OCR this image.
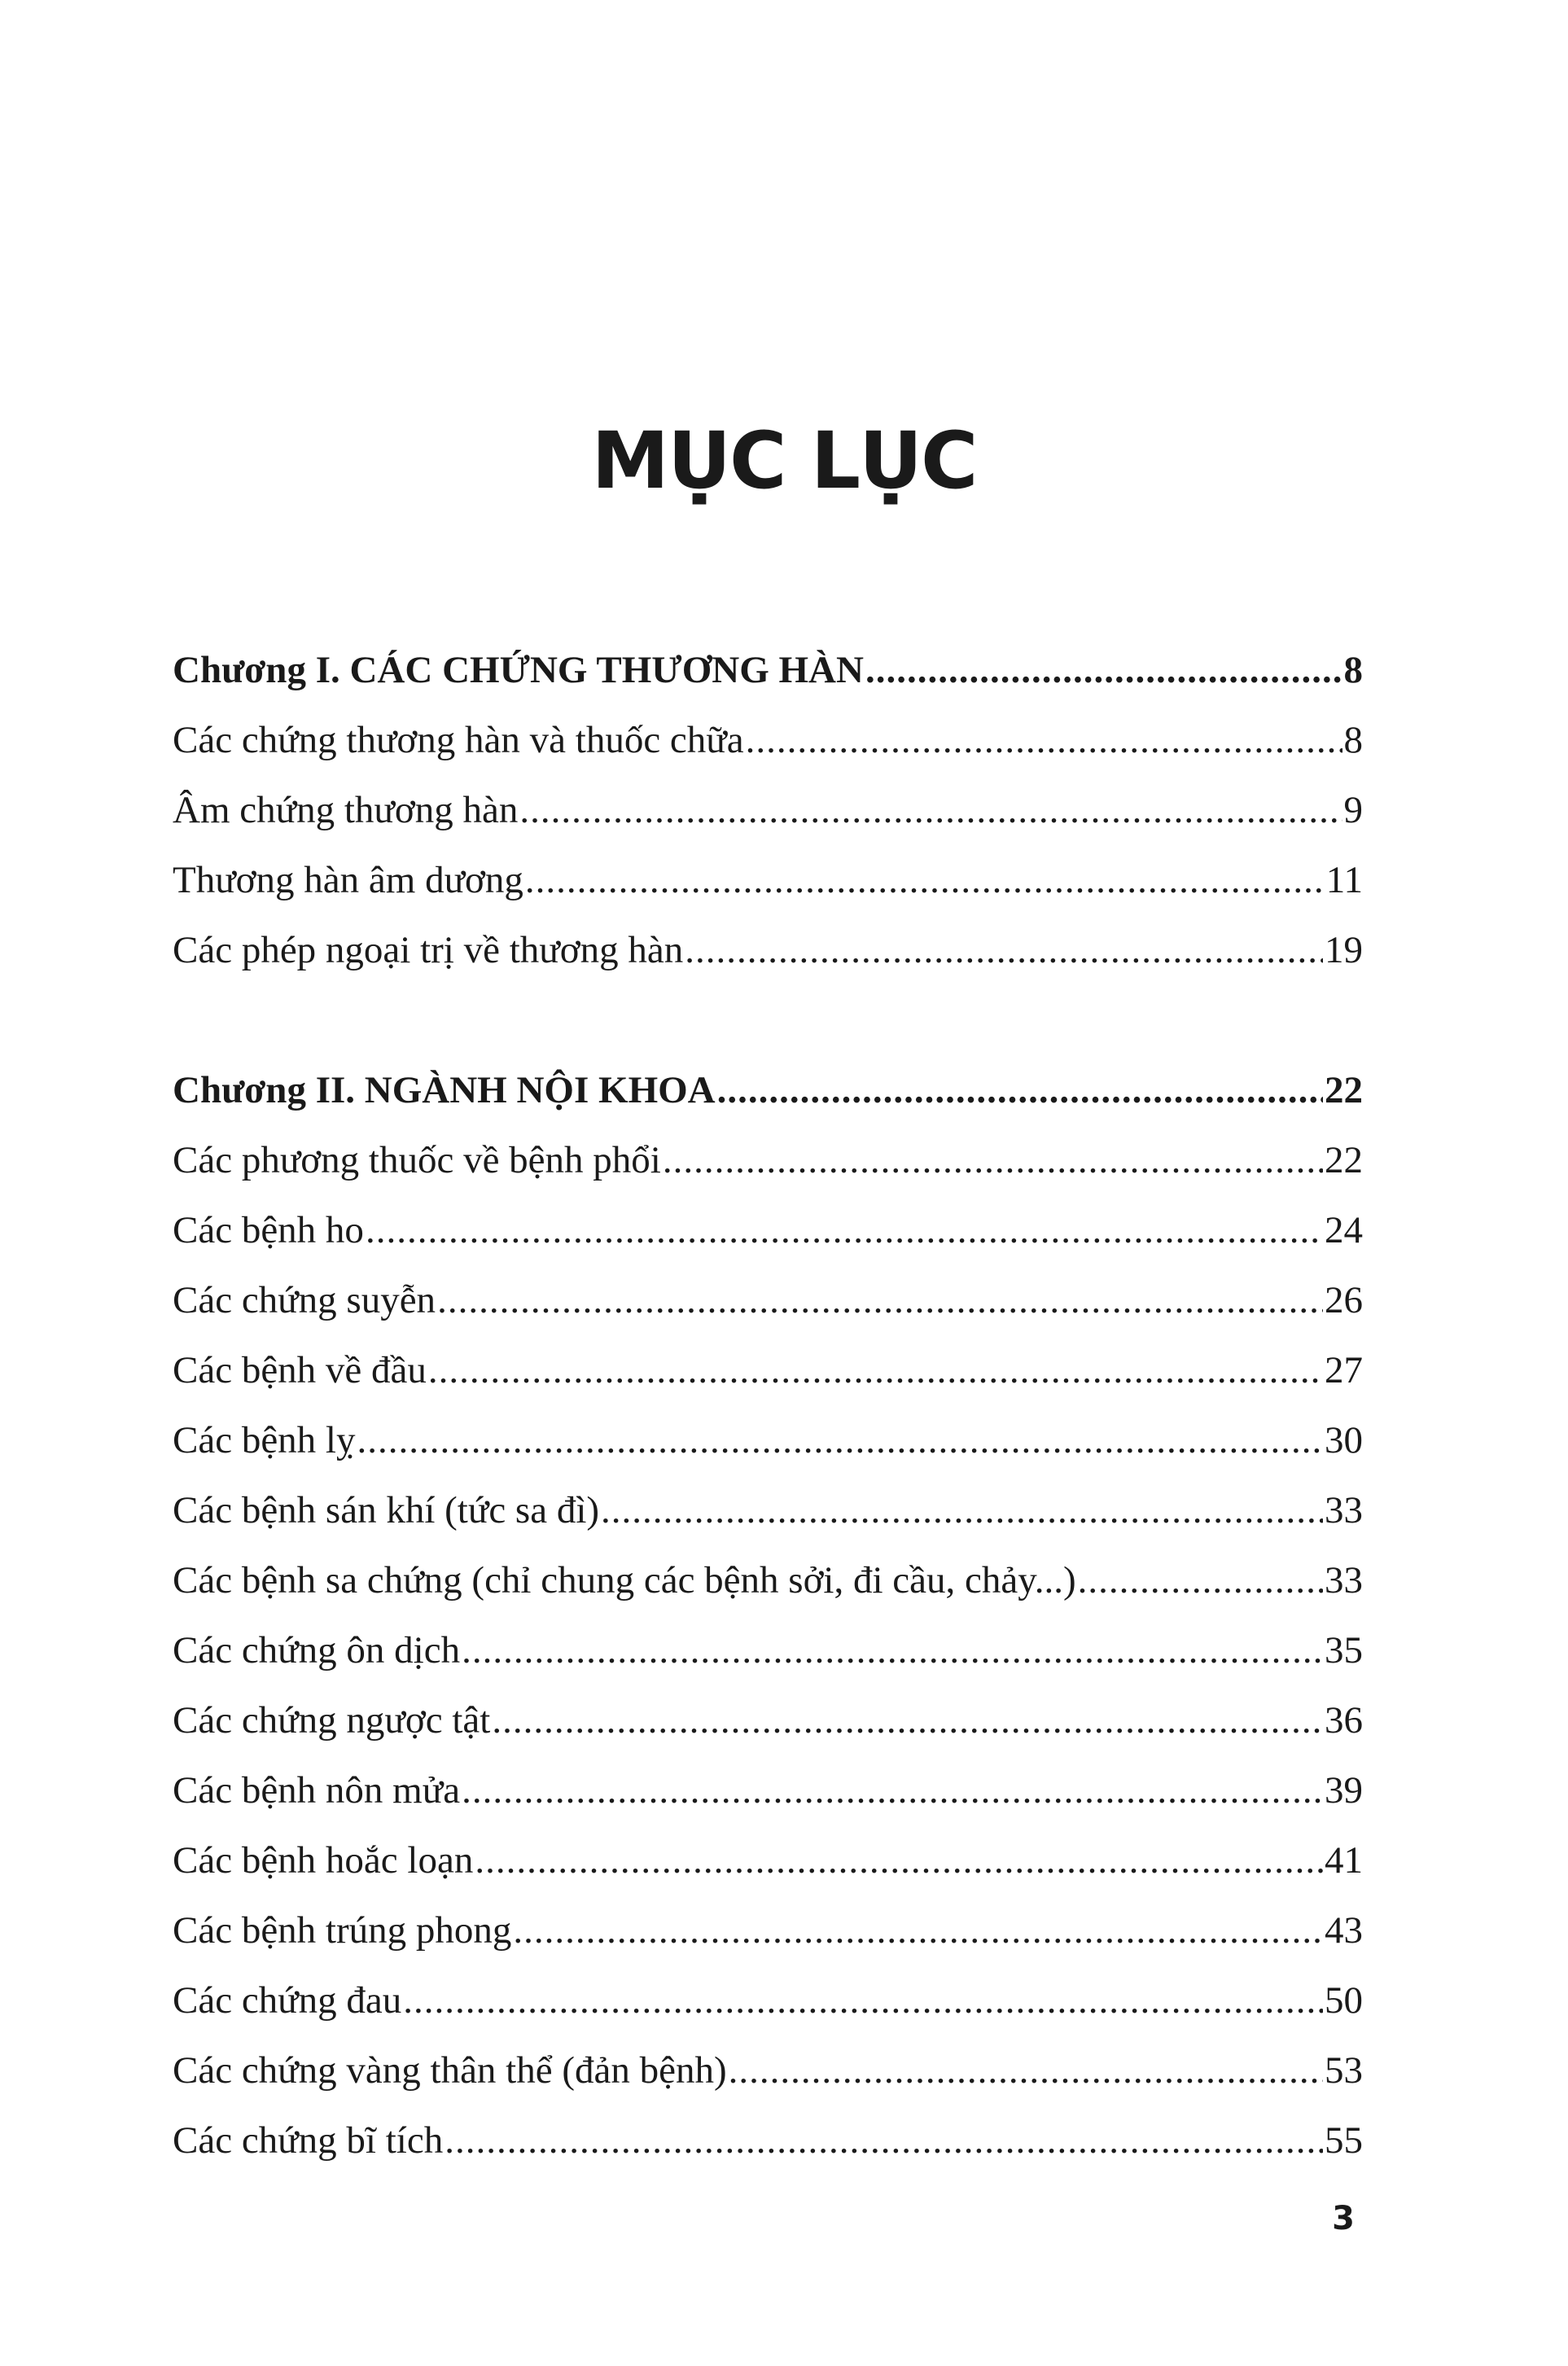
MỤC LỤC
Chương I. CÁC CHỨNG THƯƠNG HÀN .....	8
Các chứng thương hàn và thuốc chữa .....	8
Âm chứng thương hàn .....	9
Thương hàn âm dương .....	11
Các phép ngoại trị về thương hàn .....	19
Chương II. NGÀNH NỘI KHOA .....	22
Các phương thuốc về bệnh phổi .....	22
Các bệnh ho .....	24
Các chứng suyễn .....	26
Các bệnh về đầu .....	27
Các bệnh lỵ .....	30
Các bệnh sán khí (tức sa đì) .....	33
Các bệnh sa chứng (chỉ chung các bệnh sởi, đi cầu, chảy...) .....	33
Các chứng ôn dịch .....	35
Các chứng ngược tật .....	36
Các bệnh nôn mửa .....	39
Các bệnh hoắc loạn .....	41
Các bệnh trúng phong .....	43
Các chứng đau .....	50
Các chứng vàng thân thể (đản bệnh) .....	53
Các chứng bĩ tích .....	55
3
